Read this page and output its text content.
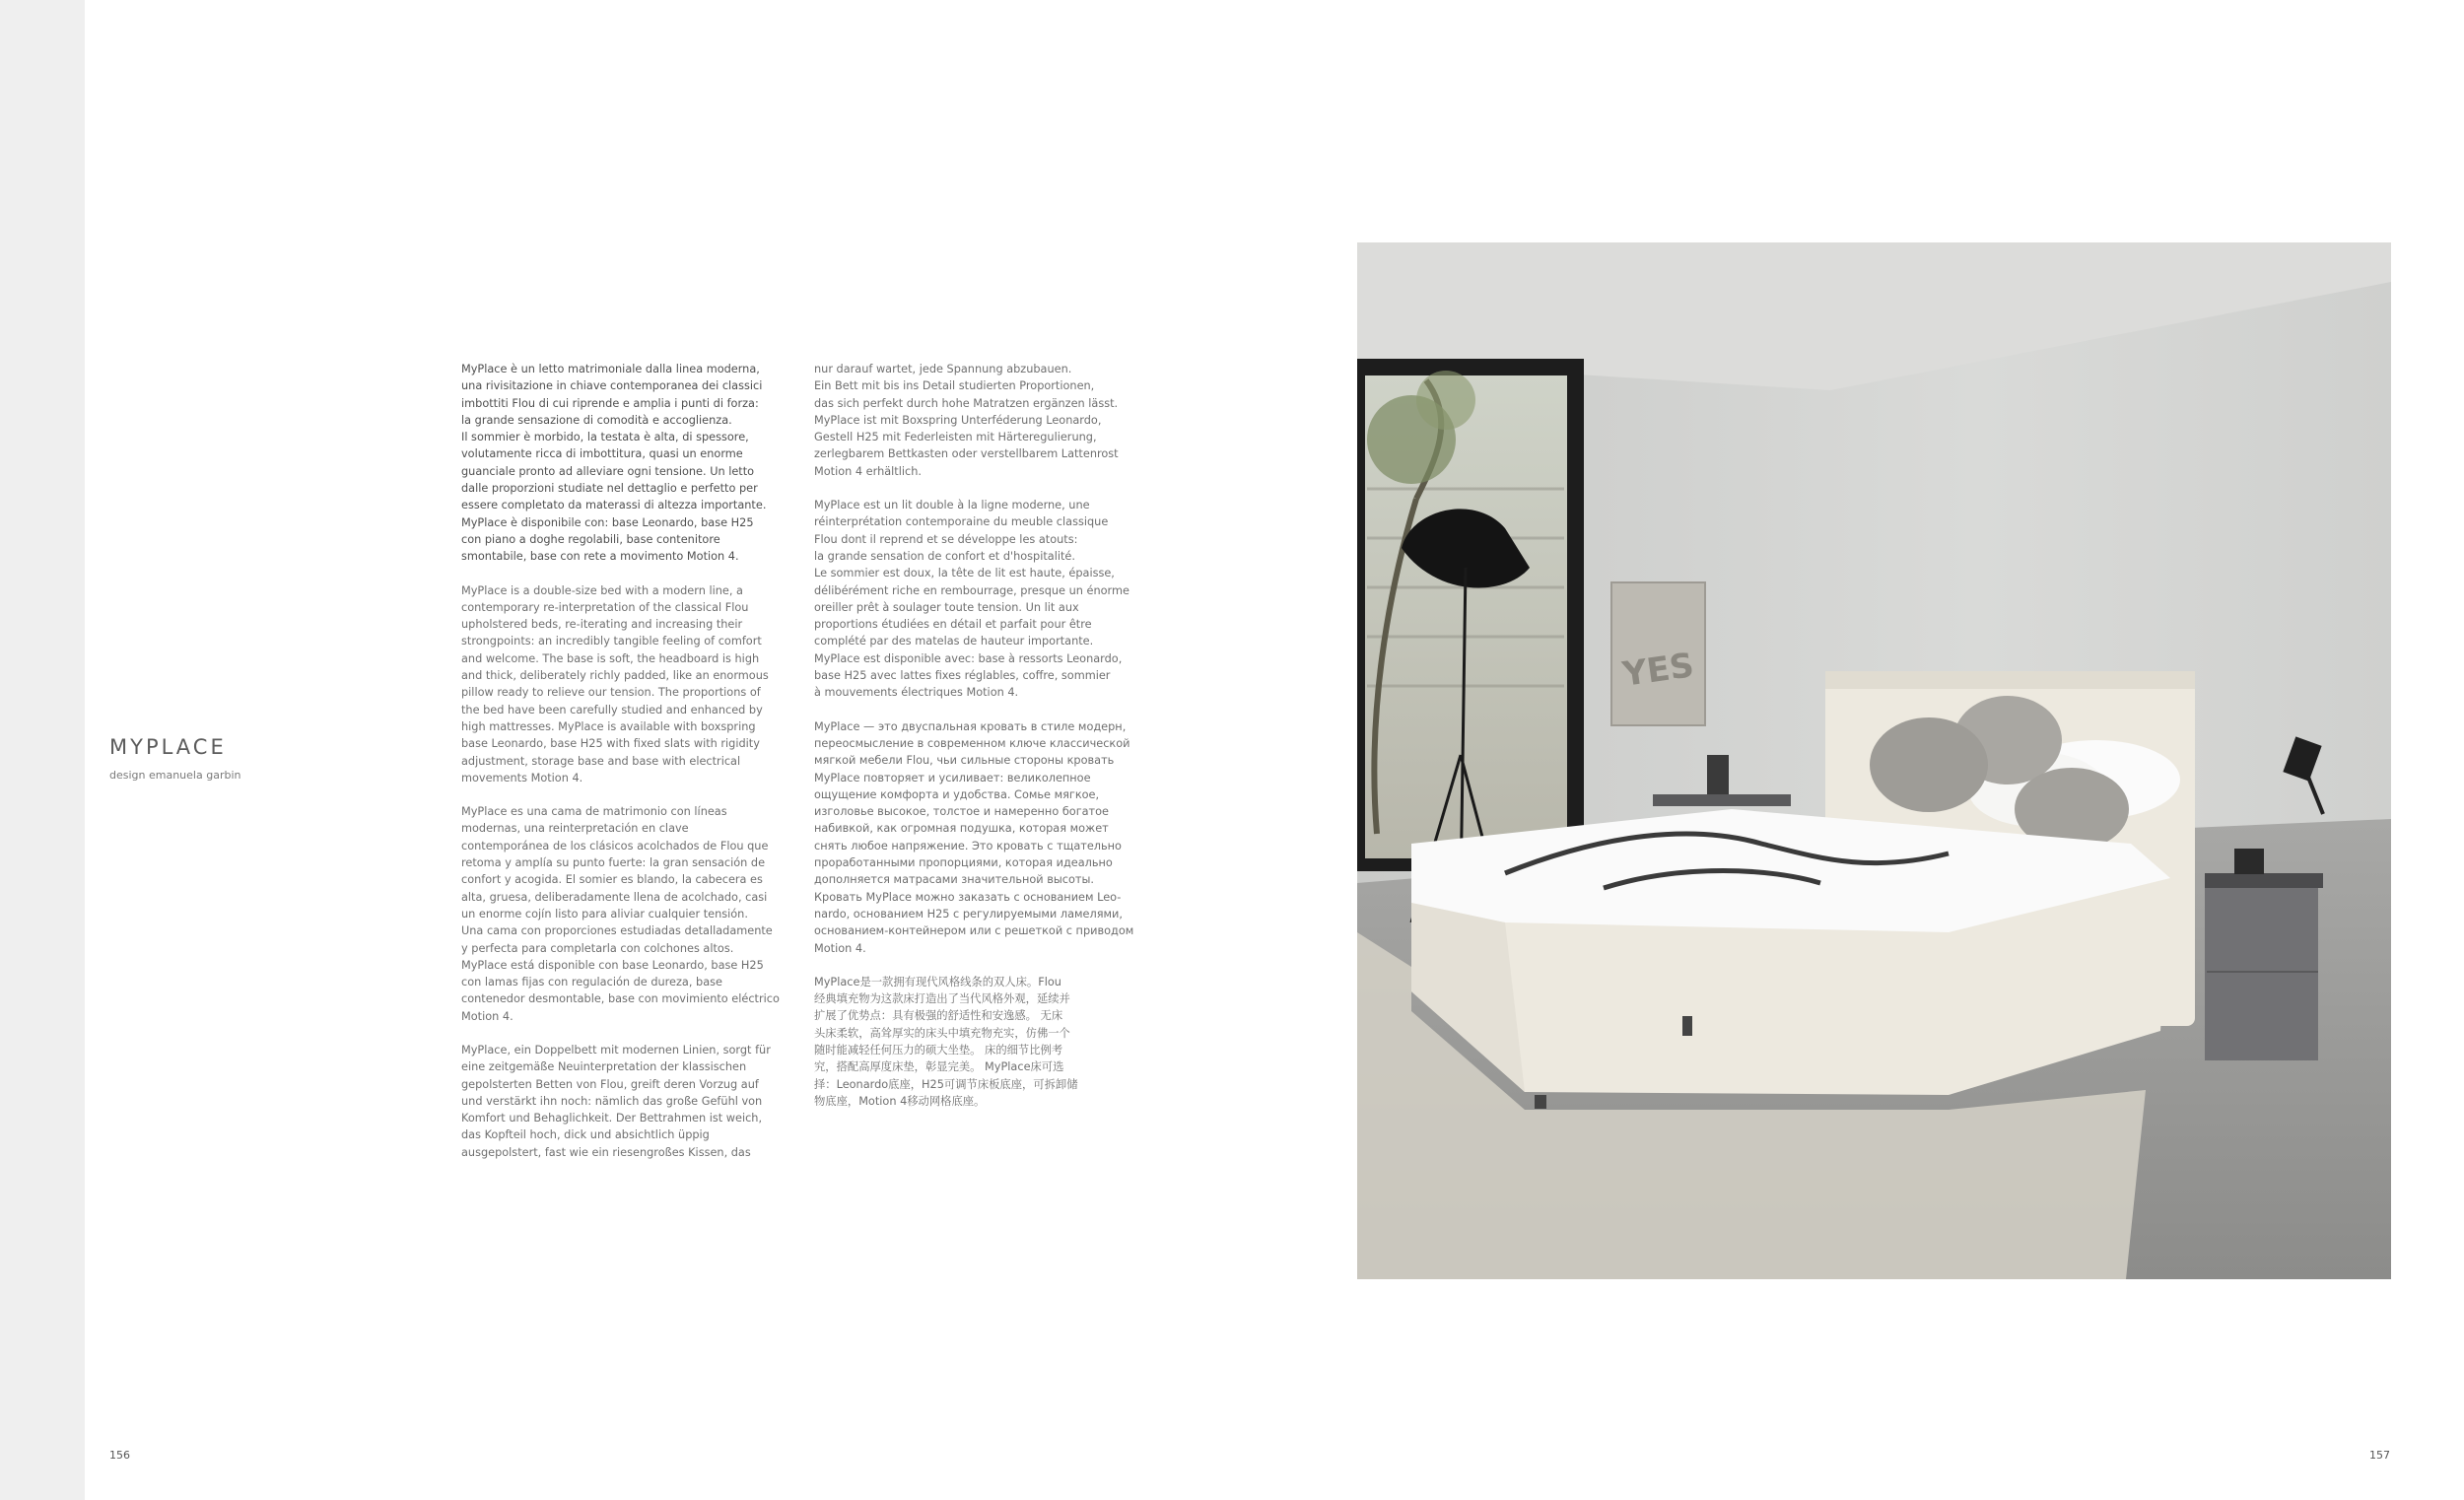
MYPLACE
design emanuela garbin

MyPlace è un letto matrimoniale dalla linea moderna,
una rivisitazione in chiave contemporanea dei classici
imbottiti Flou di cui riprende e amplia i punti di forza:
la grande sensazione di comodità e accoglienza.
Il sommier è morbido, la testata è alta, di spessore,
volutamente ricca di imbottitura, quasi un enorme
guanciale pronto ad alleviare ogni tensione. Un letto
dalle proporzioni studiate nel dettaglio e perfetto per
essere completato da materassi di altezza importante.
MyPlace è disponibile con: base Leonardo, base H25
con piano a doghe regolabili, base contenitore
smontabile, base con rete a movimento Motion 4.

MyPlace is a double-size bed with a modern line, a
contemporary re-interpretation of the classical Flou
upholstered beds, re-iterating and increasing their
strongpoints: an incredibly tangible feeling of comfort
and welcome. The base is soft, the headboard is high
and thick, deliberately richly padded, like an enormous
pillow ready to relieve our tension. The proportions of
the bed have been carefully studied and enhanced by
high mattresses. MyPlace is available with boxspring
base Leonardo, base H25 with fixed slats with rigidity
adjustment, storage base and base with electrical
movements Motion 4.

MyPlace es una cama de matrimonio con líneas
modernas, una reinterpretación en clave
contemporánea de los clásicos acolchados de Flou que
retoma y amplía su punto fuerte: la gran sensación de
confort y acogida. El somier es blando, la cabecera es
alta, gruesa, deliberadamente llena de acolchado, casi
un enorme cojín listo para aliviar cualquier tensión.
Una cama con proporciones estudiadas detalladamente
y perfecta para completarla con colchones altos.
MyPlace está disponible con base Leonardo, base H25
con lamas fijas con regulación de dureza, base
contenedor desmontable, base con movimiento eléctrico
Motion 4.

MyPlace, ein Doppelbett mit modernen Linien, sorgt für
eine zeitgemäße Neuinterpretation der klassischen
gepolsterten Betten von Flou, greift deren Vorzug auf
und verstärkt ihn noch: nämlich das große Gefühl von
Komfort und Behaglichkeit. Der Bettrahmen ist weich,
das Kopfteil hoch, dick und absichtlich üppig
ausgepolstert, fast wie ein riesengroßes Kissen, das

nur darauf wartet, jede Spannung abzubauen.
Ein Bett mit bis ins Detail studierten Proportionen,
das sich perfekt durch hohe Matratzen ergänzen lässt.
MyPlace ist mit Boxspring Unterféderung Leonardo,
Gestell H25 mit Federleisten mit Härteregulierung,
zerlegbarem Bettkasten oder verstellbarem Lattenrost
Motion 4 erhältlich.

MyPlace est un lit double à la ligne moderne, une
réinterprétation contemporaine du meuble classique
Flou dont il reprend et se développe les atouts:
la grande sensation de confort et d'hospitalité.
Le sommier est doux, la tête de lit est haute, épaisse,
délibérément riche en rembourrage, presque un énorme
oreiller prêt à soulager toute tension. Un lit aux
proportions étudiées en détail et parfait pour être
complété par des matelas de hauteur importante.
MyPlace est disponible avec: base à ressorts Leonardo,
base H25 avec lattes fixes réglables, coffre, sommier
à mouvements électriques Motion 4.

MyPlace — это двуспальная кровать в стиле модерн,
переосмысление в современном ключе классической
мягкой мебели Flou, чьи сильные стороны кровать
MyPlace повторяет и усиливает: великолепное
ощущение комфорта и удобства. Сомье мягкое,
изголовье высокое, толстое и намеренно богатое
набивкой, как огромная подушка, которая может
снять любое напряжение. Это кровать с тщательно
проработанными пропорциями, которая идеально
дополняется матрасами значительной высоты.
Кровать MyPlace можно заказать с основанием Leo-
nardo, основанием H25 с регулируемыми ламелями,
основанием-контейнером или с решеткой с приводом
Motion 4.

MyPlace是一款拥有现代风格线条的双人床。Flou
经典填充物为这款床打造出了当代风格外观，延续并
扩展了优势点：具有极强的舒适性和安逸感。 无床
头床柔软，高耸厚实的床头中填充物充实，仿佛一个
随时能减轻任何压力的硕大坐垫。 床的细节比例考
究，搭配高厚度床垫，彰显完美。 MyPlace床可选
择：Leonardo底座，H25可调节床板底座，可拆卸储
物底座，Motion 4移动网格底座。

156	157
YES
